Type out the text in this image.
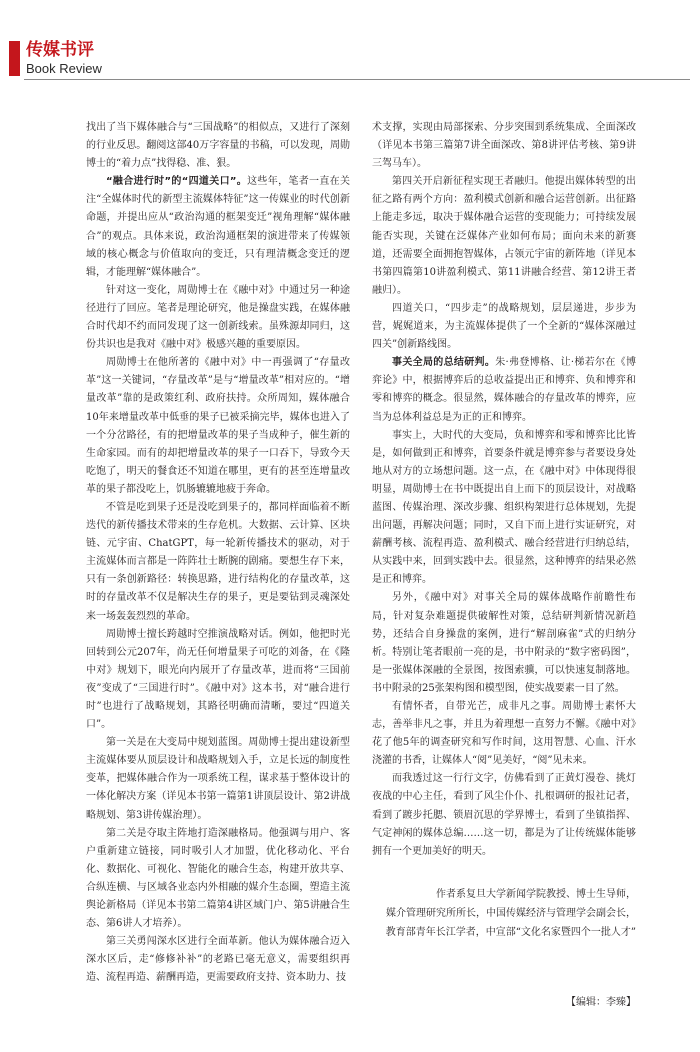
传媒书评
Book Review

找出了当下媒体融合与“三国战略”的相似点，又进行了深刻的行业反思。翻阅这部40万字容量的书稿，可以发现，周勋博士的“着力点”找得稳、准、狠。

“融合进行时”的“四道关口”。这些年，笔者一直在关注“全媒体时代的新型主流媒体特征”这一传媒业的时代创新命题，并提出应从“政治沟通的框架变迁”视角理解“媒体融合”的观点。具体来说，政治沟通框架的演进带来了传媒领域的核心概念与价值取向的变迁，只有理清概念变迁的逻辑，才能理解“媒体融合”。

针对这一变化，周勋博士在《融中对》中通过另一种途径进行了回应。笔者是理论研究，他是操盘实践，在媒体融合时代却不约而同发现了这一创新线索。虽殊源却同归，这份共识也是我对《融中对》极感兴趣的重要原因。

周勋博士在他所著的《融中对》中一再强调了“存量改革”这一关键词，“存量改革”是与“增量改革”相对应的。“增量改革”靠的是政策红利、政府扶持。众所周知，媒体融合10年来增量改革中低垂的果子已被采摘完毕，媒体也进入了一个分岔路径，有的把增量改革的果子当成种子，催生新的生命家园。而有的却把增量改革的果子一口吞下，导致今天吃饱了，明天的餐食还不知道在哪里，更有的甚至连增量改革的果子都没吃上，饥肠辘辘地疲于奔命。

不管是吃到果子还是没吃到果子的，都同样面临着不断迭代的新传播技术带来的生存危机。大数据、云计算、区块链、元宇宙、ChatGPT，每一轮新传播技术的驱动，对于主流媒体而言都是一阵阵壮士断腕的剧痛。要想生存下来，只有一条创新路径：转换思路，进行结构化的存量改革，这时的存量改革不仅是解决生存的果子，更是要钻到灵魂深处来一场轰轰烈烈的革命。

周勋博士擅长跨越时空推演战略对话。例如，他把时光回转到公元207年，尚无任何增量果子可吃的刘备，在《隆中对》规划下，眼光向内展开了存量改革，进而将“三国前夜”变成了“三国进行时”。《融中对》这本书，对“融合进行时”也进行了战略规划，其路径明确而清晰，要过“四道关口”。

第一关是在大变局中规划蓝图。周勋博士提出建设新型主流媒体要从顶层设计和战略规划入手，立足长远的制度性变革，把媒体融合作为一项系统工程，谋求基于整体设计的一体化解决方案（详见本书第一篇第1讲顶层设计、第2讲战略规划、第3讲传媒治理）。

第二关是夺取主阵地打造深融格局。他强调与用户、客户重新建立链接，同时吸引人才加盟，优化移动化、平台化、数据化、可视化、智能化的融合生态，构建开放共享、合纵连横、与区域各业态内外相融的媒介生态圈，塑造主流舆论新格局（详见本书第二篇第4讲区域门户、第5讲融合生态、第6讲人才培养）。

第三关勇闯深水区进行全面革新。他认为媒体融合迈入深水区后，走“修修补补”的老路已毫无意义，需要组织再造、流程再造、薪酬再造，更需要政府支持、资本助力、技

术支撑，实现由局部探索、分步突围到系统集成、全面深改（详见本书第三篇第7讲全面深改、第8讲评估考核、第9讲三驾马车）。

第四关开启新征程实现王者融归。他提出媒体转型的出征之路有两个方向：盈利模式创新和融合运营创新。出征路上能走多远，取决于媒体融合运营的变现能力；可持续发展能否实现，关键在泛媒体产业如何布局；面向未来的新赛道，还需要全面拥抱智媒体，占领元宇宙的新阵地（详见本书第四篇第10讲盈利模式、第11讲融合经营、第12讲王者融归）。

四道关口，“四步走”的战略规划，层层递进，步步为营，娓娓道来，为主流媒体提供了一个全新的“媒体深融过四关”创新路线图。

事关全局的总结研判。朱·弗登博格、让·梯若尔在《博弈论》中，根据博弈后的总收益提出正和博弈、负和博弈和零和博弈的概念。很显然，媒体融合的存量改革的博弈，应当为总体利益总是为正的正和博弈。

事实上，大时代的大变局，负和博弈和零和博弈比比皆是，如何做到正和博弈，首要条件就是博弈参与者要设身处地从对方的立场想问题。这一点，在《融中对》中体现得很明显，周勋博士在书中既提出自上而下的顶层设计，对战略蓝图、传媒治理、深改步骤、组织构架进行总体规划，先提出问题，再解决问题；同时，又自下而上进行实证研究，对薪酬考核、流程再造、盈利模式、融合经营进行归纳总结，从实践中来，回到实践中去。很显然，这种博弈的结果必然是正和博弈。

另外，《融中对》对事关全局的媒体战略作前瞻性布局，针对复杂难题提供破解性对策，总结研判新情况新趋势，还结合自身操盘的案例，进行“解剖麻雀”式的归纳分析。特别让笔者眼前一亮的是，书中附录的“数字密码图”，是一张媒体深融的全景图，按图索骥，可以快速复制落地。书中附录的25张架构图和模型图，使实战要素一目了然。

有情怀者，自带光芒，成非凡之事。周勋博士素怀大志，善举非凡之事，并且为着理想一直努力不懈。《融中对》花了他5年的调查研究和写作时间，这用智慧、心血、汗水浇灌的书香，让媒体人“阅”见美好，“阅”见未来。

而我透过这一行行文字，仿佛看到了正黄灯漫卷、挑灯夜战的中心主任，看到了风尘仆仆、扎根调研的报社记者，看到了踱步托腮、锁眉沉思的学界博士，看到了坐镇指挥、气定神闲的媒体总编……这一切，都是为了让传统媒体能够拥有一个更加美好的明天。

作者系复旦大学新闻学院教授、博士生导师，
媒介管理研究所所长，中国传媒经济与管理学会副会长，
教育部青年长江学者，中宣部“文化名家暨四个一批人才”
【编辑：李臻】
